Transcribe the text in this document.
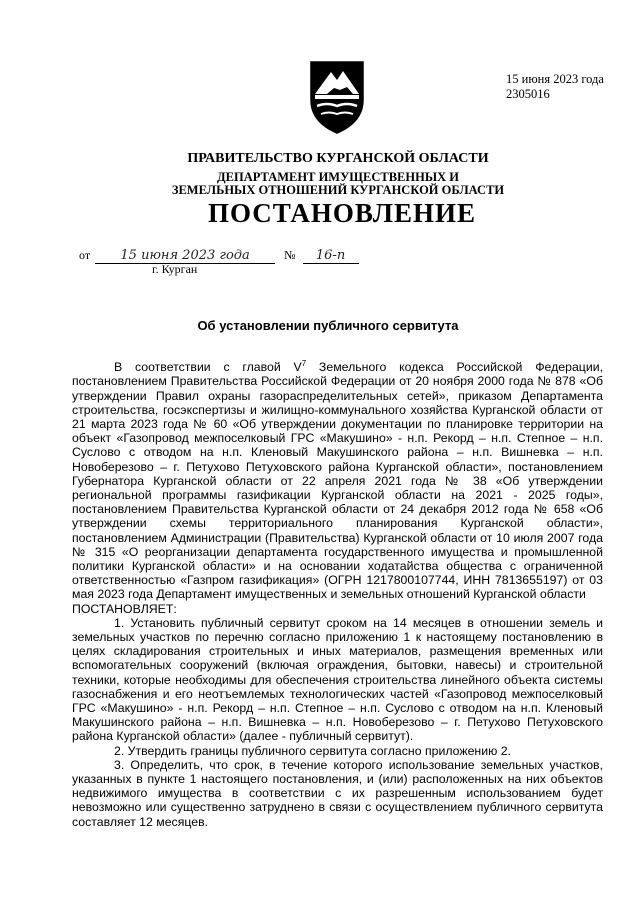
15 июня 2023 года
2305016
ПРАВИТЕЛЬСТВО КУРГАНСКОЙ ОБЛАСТИ
ДЕПАРТАМЕНТ ИМУЩЕСТВЕННЫХ И
ЗЕМЕЛЬНЫХ ОТНОШЕНИЙ КУРГАНСКОЙ ОБЛАСТИ
ПОСТАНОВЛЕНИЕ
от 15 июня 2023 года	№ 16-п
г. Курган
Об установлении публичного сервитута

В соответствии с главой $V^7$ Земельного кодекса Российской Федерации, постановлением Правительства Российской Федерации от 20 ноября 2000 года № 878 «Об утверждении Правил охраны газораспределительных сетей», приказом Департамента строительства, госэкспертизы и жилищно-коммунального хозяйства Курганской области от 21 марта 2023 года № 60 «Об утверждении документации по планировке территории на объект «Газопровод межпоселковый ГРС «Макушино» - н.п. Рекорд – н.п. Степное – н.п. Суслово с отводом на н.п. Кленовый Макушинского района – н.п. Вишневка – н.п. Новоберезово – г. Петухово Петуховского района Курганской области», постановлением Губернатора Курганской области от 22 апреля 2021 года № 38 «Об утверждении региональной программы газификации Курганской области на 2021 - 2025 годы», постановлением Правительства Курганской области от 24 декабря 2012 года № 658 «Об утверждении схемы территориального планирования Курганской области», постановлением Администрации (Правительства) Курганской области от 10 июля 2007 года № 315 «О реорганизации департамента государственного имущества и промышленной политики Курганской области» и на основании ходатайства общества с ограниченной ответственностью «Газпром газификация» (ОГРН 1217800107744, ИНН 7813655197) от 03 мая 2023 года Департамент имущественных и земельных отношений Курганской области

ПОСТАНОВЛЯЕТ:

1. Установить публичный сервитут сроком на 14 месяцев в отношении земель и земельных участков по перечню согласно приложению 1 к настоящему постановлению в целях складирования строительных и иных материалов, размещения временных или вспомогательных сооружений (включая ограждения, бытовки, навесы) и строительной техники, которые необходимы для обеспечения строительства линейного объекта системы газоснабжения и его неотъемлемых технологических частей «Газопровод межпоселковый ГРС «Макушино» - н.п. Рекорд – н.п. Степное – н.п. Суслово с отводом на н.п. Кленовый Макушинского района – н.п. Вишневка – н.п. Новоберезово – г. Петухово Петуховского района Курганской области» (далее - публичный сервитут).

2. Утвердить границы публичного сервитута согласно приложению 2.

3. Определить, что срок, в течение которого использование земельных участков, указанных в пункте 1 настоящего постановления, и (или) расположенных на них объектов недвижимого имущества в соответствии с их разрешенным использованием будет невозможно или существенно затруднено в связи с осуществлением публичного сервитута составляет 12 месяцев.
